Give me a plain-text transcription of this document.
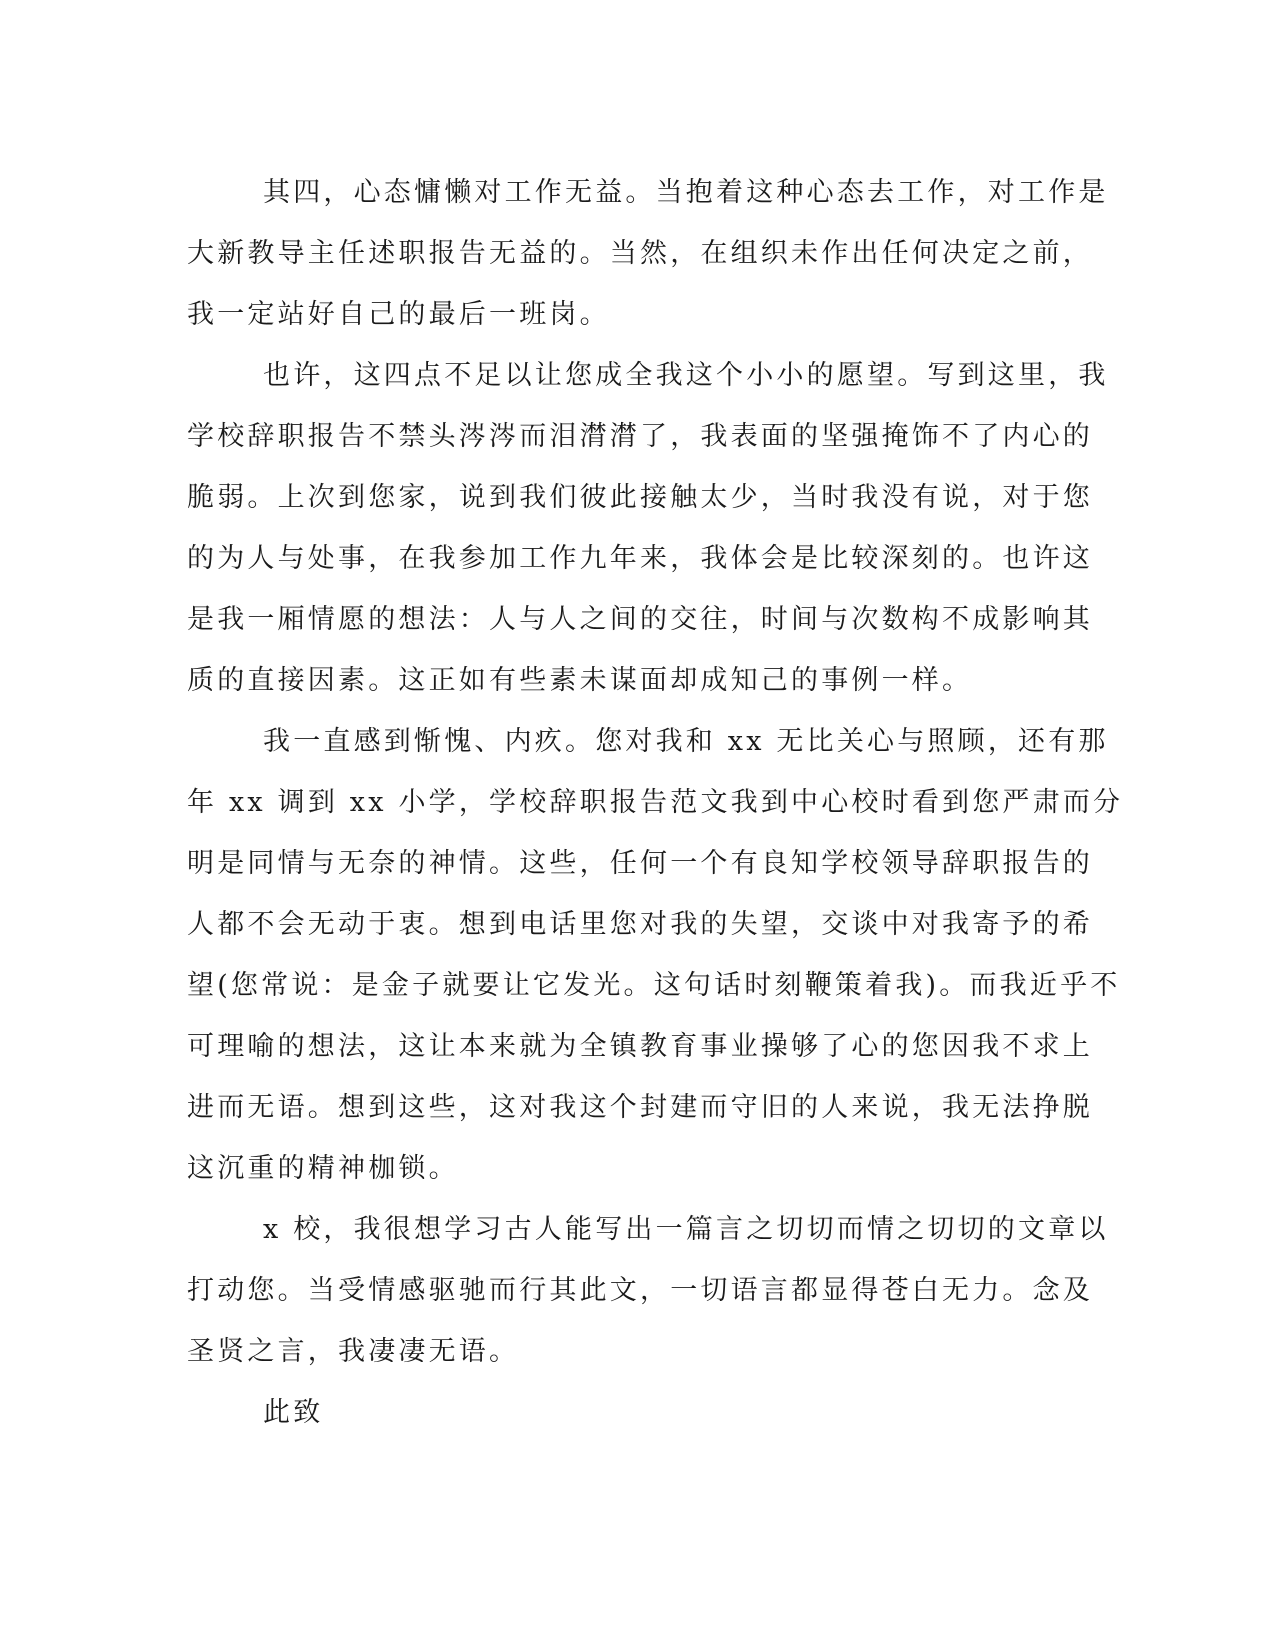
其四，心态慵懒对工作无益。当抱着这种心态去工作，对工作是
大新教导主任述职报告无益的。当然，在组织未作出任何决定之前，
我一定站好自己的最后一班岗。
也许，这四点不足以让您成全我这个小小的愿望。写到这里，我
学校辞职报告不禁头涔涔而泪潸潸了，我表面的坚强掩饰不了内心的
脆弱。上次到您家，说到我们彼此接触太少，当时我没有说，对于您
的为人与处事，在我参加工作九年来，我体会是比较深刻的。也许这
是我一厢情愿的想法：人与人之间的交往，时间与次数构不成影响其
质的直接因素。这正如有些素未谋面却成知己的事例一样。
我一直感到惭愧、内疚。您对我和 xx 无比关心与照顾，还有那
年 xx 调到 xx 小学，学校辞职报告范文我到中心校时看到您严肃而分
明是同情与无奈的神情。这些，任何一个有良知学校领导辞职报告的
人都不会无动于衷。想到电话里您对我的失望，交谈中对我寄予的希
望(您常说：是金子就要让它发光。这句话时刻鞭策着我)。而我近乎不
可理喻的想法，这让本来就为全镇教育事业操够了心的您因我不求上
进而无语。想到这些，这对我这个封建而守旧的人来说，我无法挣脱
这沉重的精神枷锁。
x 校，我很想学习古人能写出一篇言之切切而情之切切的文章以
打动您。当受情感驱驰而行其此文，一切语言都显得苍白无力。念及
圣贤之言，我凄凄无语。
此致
